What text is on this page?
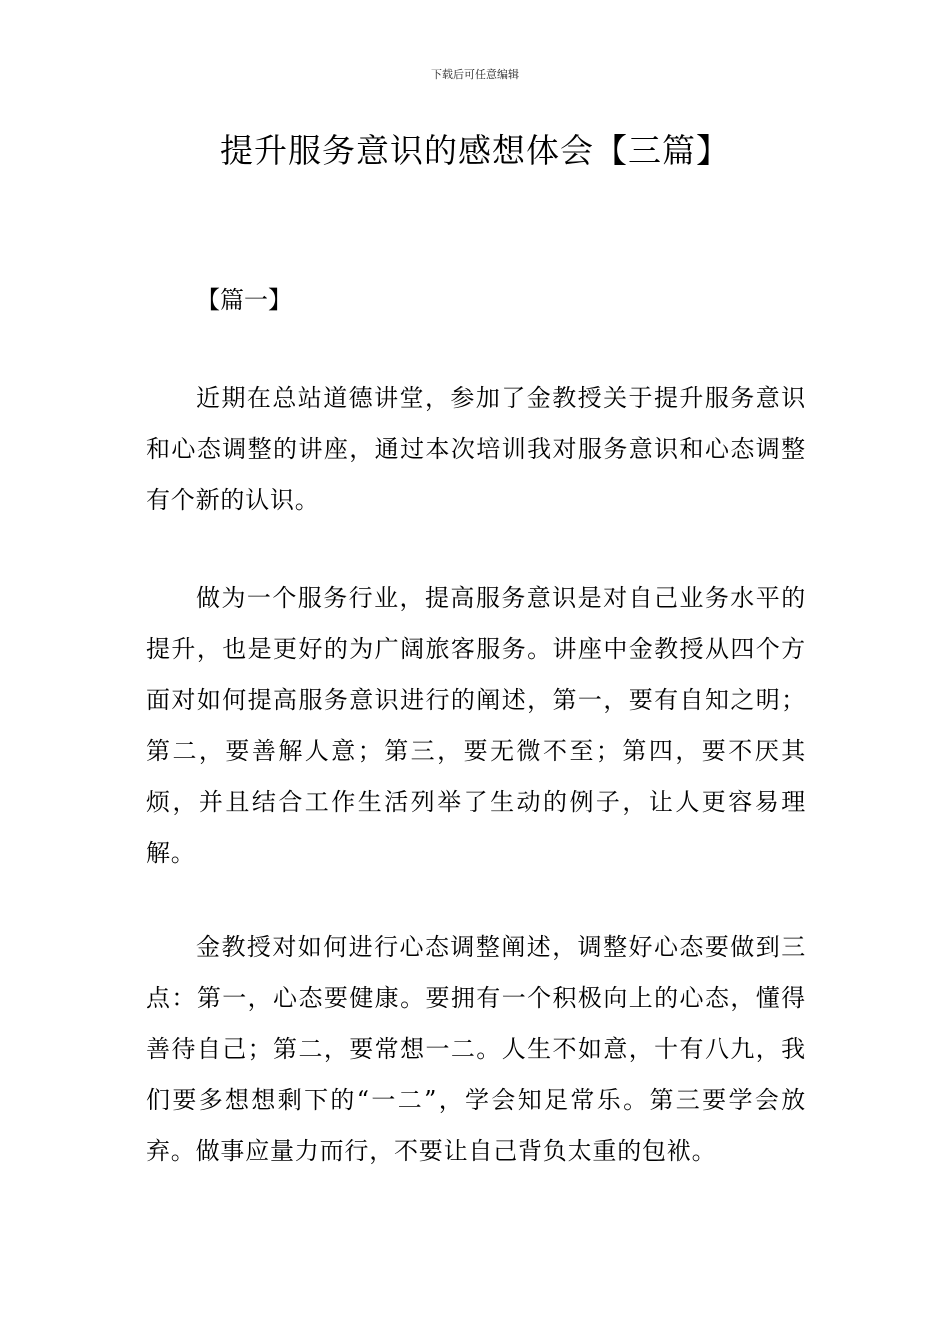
下载后可任意编辑
提升服务意识的感想体会【三篇】
【篇一】

近期在总站道德讲堂，参加了金教授关于提升服务意识和心态调整的讲座，通过本次培训我对服务意识和心态调整有个新的认识。

做为一个服务行业，提高服务意识是对自己业务水平的提升，也是更好的为广阔旅客服务。讲座中金教授从四个方面对如何提高服务意识进行的阐述，第一，要有自知之明；第二，要善解人意；第三，要无微不至；第四，要不厌其烦，并且结合工作生活列举了生动的例子，让人更容易理解。

金教授对如何进行心态调整阐述，调整好心态要做到三点：第一，心态要健康。要拥有一个积极向上的心态，懂得善待自己；第二，要常想一二。人生不如意，十有八九，我们要多想想剩下的“一二”，学会知足常乐。第三要学会放弃。做事应量力而行，不要让自己背负太重的包袱。
